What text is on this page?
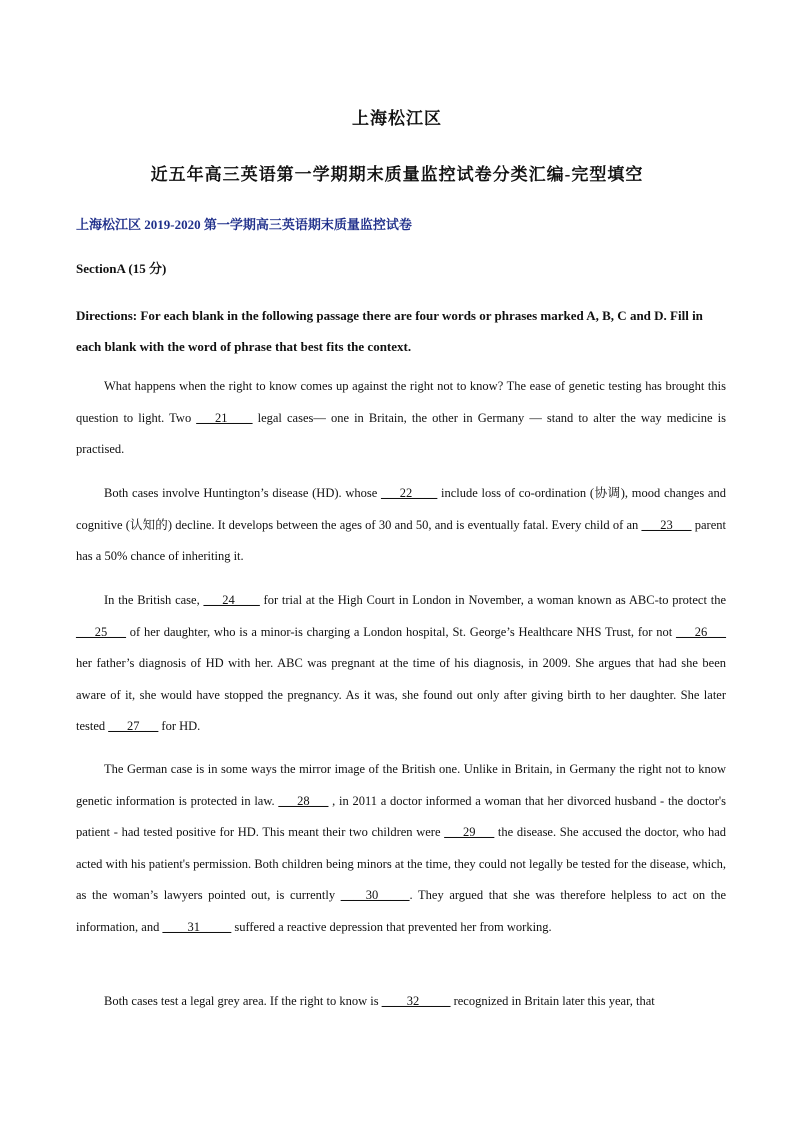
上海松江区
近五年高三英语第一学期期末质量监控试卷分类汇编-完型填空
上海松江区 2019-2020 第一学期高三英语期末质量监控试卷
SectionA (15 分)
Directions: For each blank in the following passage there are four words or phrases marked A, B, C and D. Fill in each blank with the word of phrase that best fits the context.
What happens when the right to know comes up against the right not to know? The ease of genetic testing has brought this question to light. Two ___21____ legal cases— one in Britain, the other in Germany — stand to alter the way medicine is practised.
Both cases involve Huntington’s disease (HD). whose ___22____ include loss of co-ordination (协调), mood changes and cognitive (认知的) decline. It develops between the ages of 30 and 50, and is eventually fatal. Every child of an ___23___ parent has a 50% chance of inheriting it.
In the British case, ___24____ for trial at the High Court in London in November, a woman known as ABC-to protect the ___25___ of her daughter, who is a minor-is charging a London hospital, St. George’s Healthcare NHS Trust, for not ___26___ her father’s diagnosis of HD with her. ABC was pregnant at the time of his diagnosis, in 2009. She argues that had she been aware of it, she would have stopped the pregnancy. As it was, she found out only after giving birth to her daughter. She later tested ___27___ for HD.
The German case is in some ways the mirror image of the British one. Unlike in Britain, in Germany the right not to know genetic information is protected in law. ___28___ , in 2011 a doctor informed a woman that her divorced husband - the doctor's patient - had tested positive for HD. This meant their two children were ___29___ the disease. She accused the doctor, who had acted with his patient's permission. Both children being minors at the time, they could not legally be tested for the disease, which, as the woman’s lawyers pointed out, is currently ____30_____. They argued that she was therefore helpless to act on the information, and ____31_____ suffered a reactive depression that prevented her from working.
Both cases test a legal grey area. If the right to know is ____32_____ recognized in Britain later this year, that
